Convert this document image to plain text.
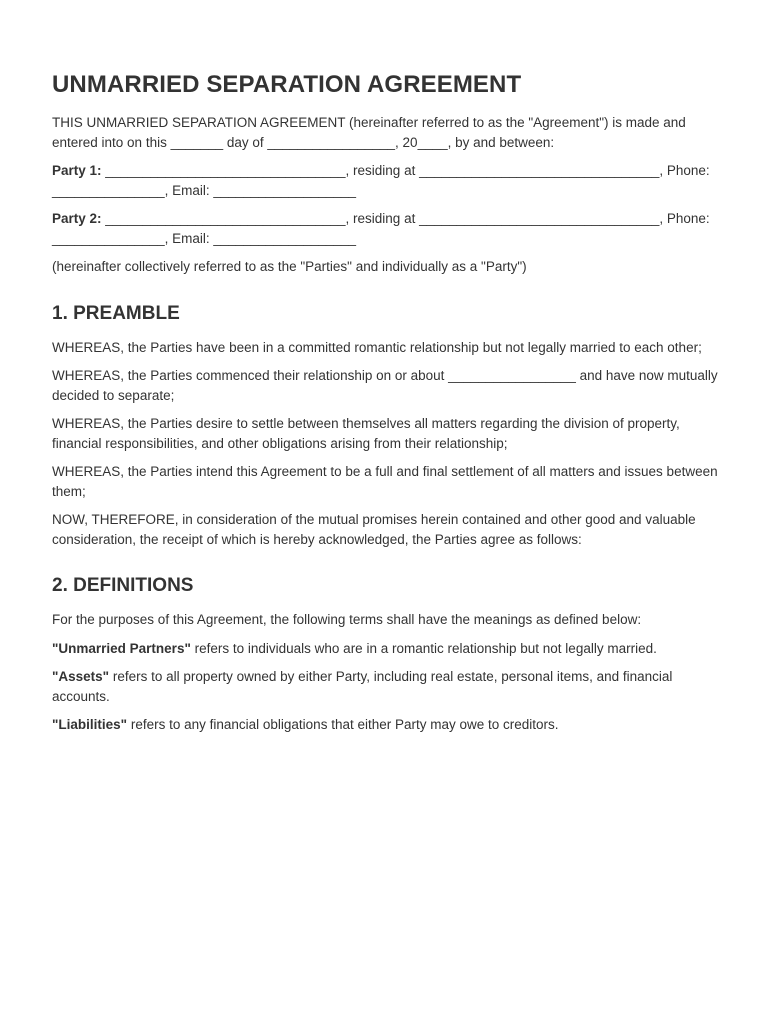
UNMARRIED SEPARATION AGREEMENT

THIS UNMARRIED SEPARATION AGREEMENT (hereinafter referred to as the "Agreement") is made and entered into on this _______ day of _________________, 20____, by and between:

Party 1: ________________________________, residing at ________________________________, Phone: _______________, Email: ___________________

Party 2: ________________________________, residing at ________________________________, Phone: _______________, Email: ___________________

(hereinafter collectively referred to as the "Parties" and individually as a "Party")

1. PREAMBLE

WHEREAS, the Parties have been in a committed romantic relationship but not legally married to each other;

WHEREAS, the Parties commenced their relationship on or about _________________ and have now mutually decided to separate;

WHEREAS, the Parties desire to settle between themselves all matters regarding the division of property, financial responsibilities, and other obligations arising from their relationship;

WHEREAS, the Parties intend this Agreement to be a full and final settlement of all matters and issues between them;

NOW, THEREFORE, in consideration of the mutual promises herein contained and other good and valuable consideration, the receipt of which is hereby acknowledged, the Parties agree as follows:

2. DEFINITIONS

For the purposes of this Agreement, the following terms shall have the meanings as defined below:

"Unmarried Partners" refers to individuals who are in a romantic relationship but not legally married.

"Assets" refers to all property owned by either Party, including real estate, personal items, and financial accounts.

"Liabilities" refers to any financial obligations that either Party may owe to creditors.
